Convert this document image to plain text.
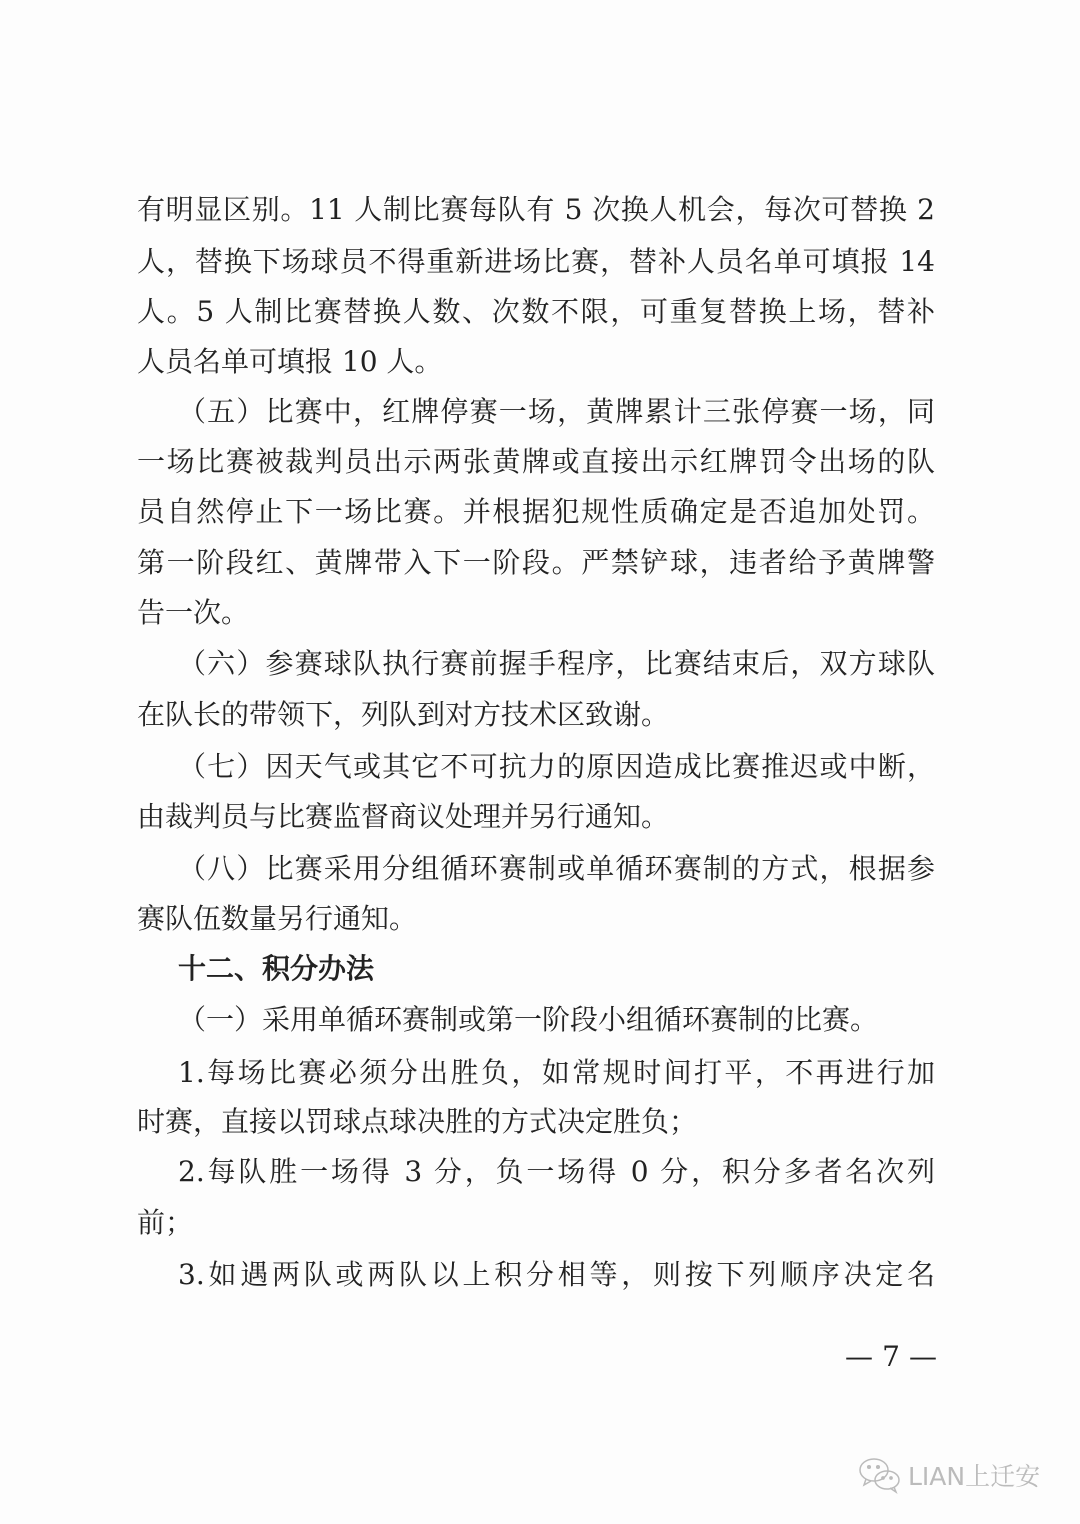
有明显区别。11 人制比赛每队有 5 次换人机会，每次可替换 2
人，替换下场球员不得重新进场比赛，替补人员名单可填报 14
人。5 人制比赛替换人数、次数不限，可重复替换上场，替补
人员名单可填报 10 人。
（五）比赛中，红牌停赛一场，黄牌累计三张停赛一场，同
一场比赛被裁判员出示两张黄牌或直接出示红牌罚令出场的队
员自然停止下一场比赛。并根据犯规性质确定是否追加处罚。
第一阶段红、黄牌带入下一阶段。严禁铲球，违者给予黄牌警
告一次。
（六）参赛球队执行赛前握手程序，比赛结束后，双方球队
在队长的带领下，列队到对方技术区致谢。
（七）因天气或其它不可抗力的原因造成比赛推迟或中断，
由裁判员与比赛监督商议处理并另行通知。
（八）比赛采用分组循环赛制或单循环赛制的方式，根据参
赛队伍数量另行通知。
十二、积分办法
（一）采用单循环赛制或第一阶段小组循环赛制的比赛。
1.每场比赛必须分出胜负，如常规时间打平，不再进行加
时赛，直接以罚球点球决胜的方式决定胜负；
2.每队胜一场得 3 分，负一场得 0 分，积分多者名次列
前；
3.如遇两队或两队以上积分相等，则按下列顺序决定名
— 7 —
LIAN上迁安
